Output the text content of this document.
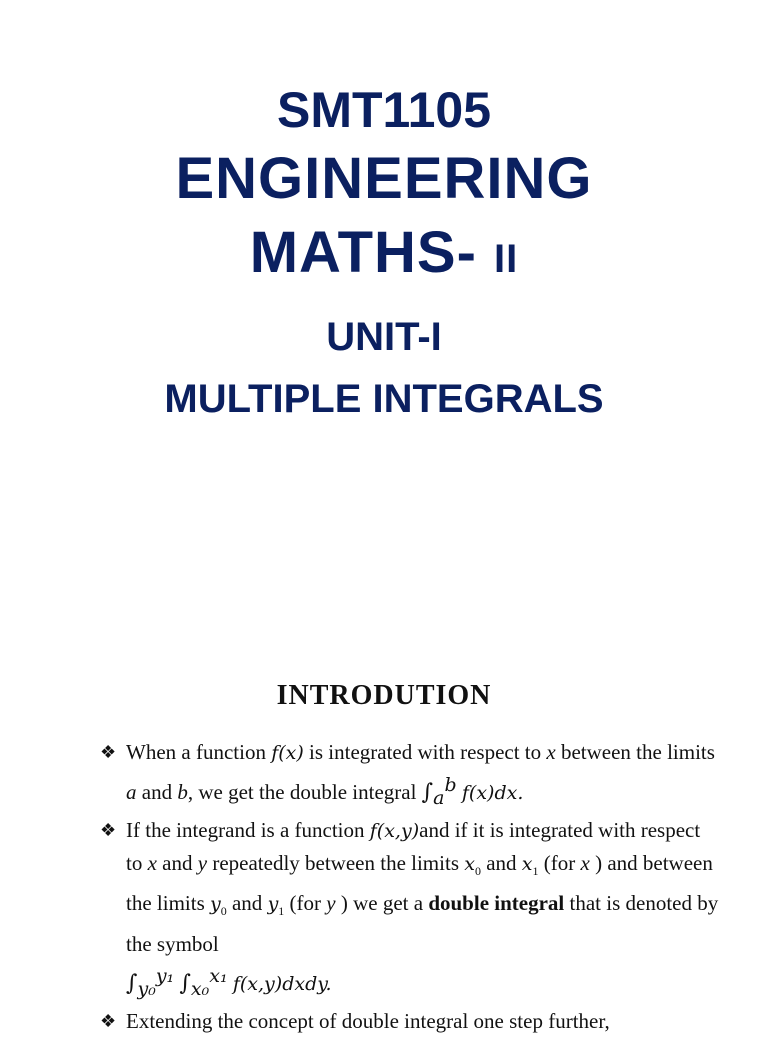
SMT1105
ENGINEERING
MATHS- II
UNIT-I
MULTIPLE INTEGRALS
INTRODUTION
❖ When a function f(x) is integrated with respect to x between the limits a and b, we get the double integral $\int_a^b$ f(x)dx.
❖ If the integrand is a function f(x,y)and if it is integrated with respect to x and y repeatedly between the limits $x_0$ and $x_1$ (for x ) and between the limits $y_0$ and $y_1$ (for y ) we get a double integral that is denoted by the symbol
$\int_{y_0}^{y_1}$ $\int_{x_0}^{x_1}$ f(x,y)dxdy.
❖ Extending the concept of double integral one step further,
